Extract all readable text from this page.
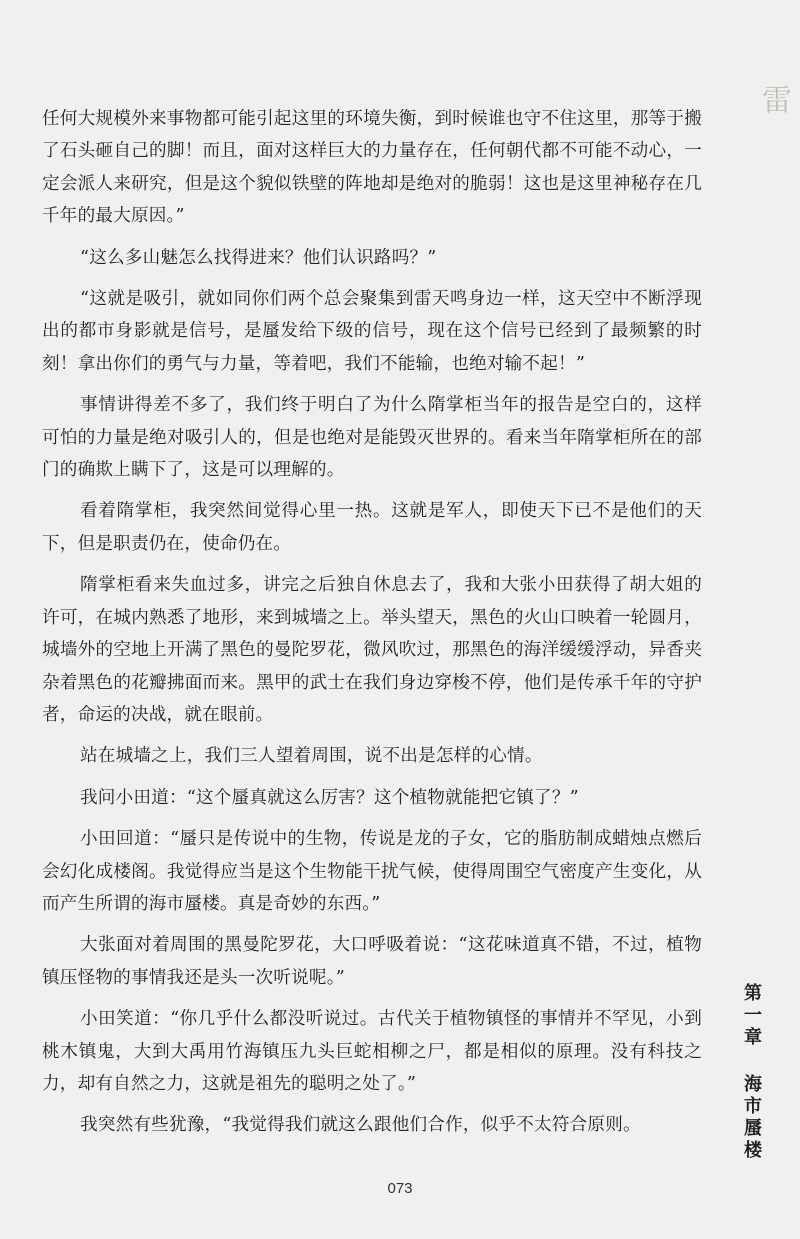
雷

任何大规模外来事物都可能引起这里的环境失衡，到时候谁也守不住这里，那等于搬了石头砸自己的脚！而且，面对这样巨大的力量存在，任何朝代都不可能不动心，一定会派人来研究，但是这个貌似铁壁的阵地却是绝对的脆弱！这也是这里神秘存在几千年的最大原因。”

“这么多山魅怎么找得进来？他们认识路吗？”

“这就是吸引，就如同你们两个总会聚集到雷天鸣身边一样，这天空中不断浮现出的都市身影就是信号，是蜃发给下级的信号，现在这个信号已经到了最频繁的时刻！拿出你们的勇气与力量，等着吧，我们不能输，也绝对输不起！”

事情讲得差不多了，我们终于明白了为什么隋掌柜当年的报告是空白的，这样可怕的力量是绝对吸引人的，但是也绝对是能毁灭世界的。看来当年隋掌柜所在的部门的确欺上瞒下了，这是可以理解的。

看着隋掌柜，我突然间觉得心里一热。这就是军人，即使天下已不是他们的天下，但是职责仍在，使命仍在。

隋掌柜看来失血过多，讲完之后独自休息去了，我和大张小田获得了胡大姐的许可，在城内熟悉了地形，来到城墙之上。举头望天，黑色的火山口映着一轮圆月，城墙外的空地上开满了黑色的曼陀罗花，微风吹过，那黑色的海洋缓缓浮动，异香夹杂着黑色的花瓣拂面而来。黑甲的武士在我们身边穿梭不停，他们是传承千年的守护者，命运的决战，就在眼前。

站在城墙之上，我们三人望着周围，说不出是怎样的心情。

我问小田道：“这个蜃真就这么厉害？这个植物就能把它镇了？”

小田回道：“蜃只是传说中的生物，传说是龙的子女，它的脂肪制成蜡烛点燃后会幻化成楼阁。我觉得应当是这个生物能干扰气候，使得周围空气密度产生变化，从而产生所谓的海市蜃楼。真是奇妙的东西。”

大张面对着周围的黑曼陀罗花，大口呼吸着说：“这花味道真不错，不过，植物镇压怪物的事情我还是头一次听说呢。”

小田笑道：“你几乎什么都没听说过。古代关于植物镇怪的事情并不罕见，小到桃木镇鬼，大到大禹用竹海镇压九头巨蛇相柳之尸，都是相似的原理。没有科技之力，却有自然之力，这就是祖先的聪明之处了。”

我突然有些犹豫，“我觉得我们就这么跟他们合作，似乎不太符合原则。	第一章 海市蜃楼
073
